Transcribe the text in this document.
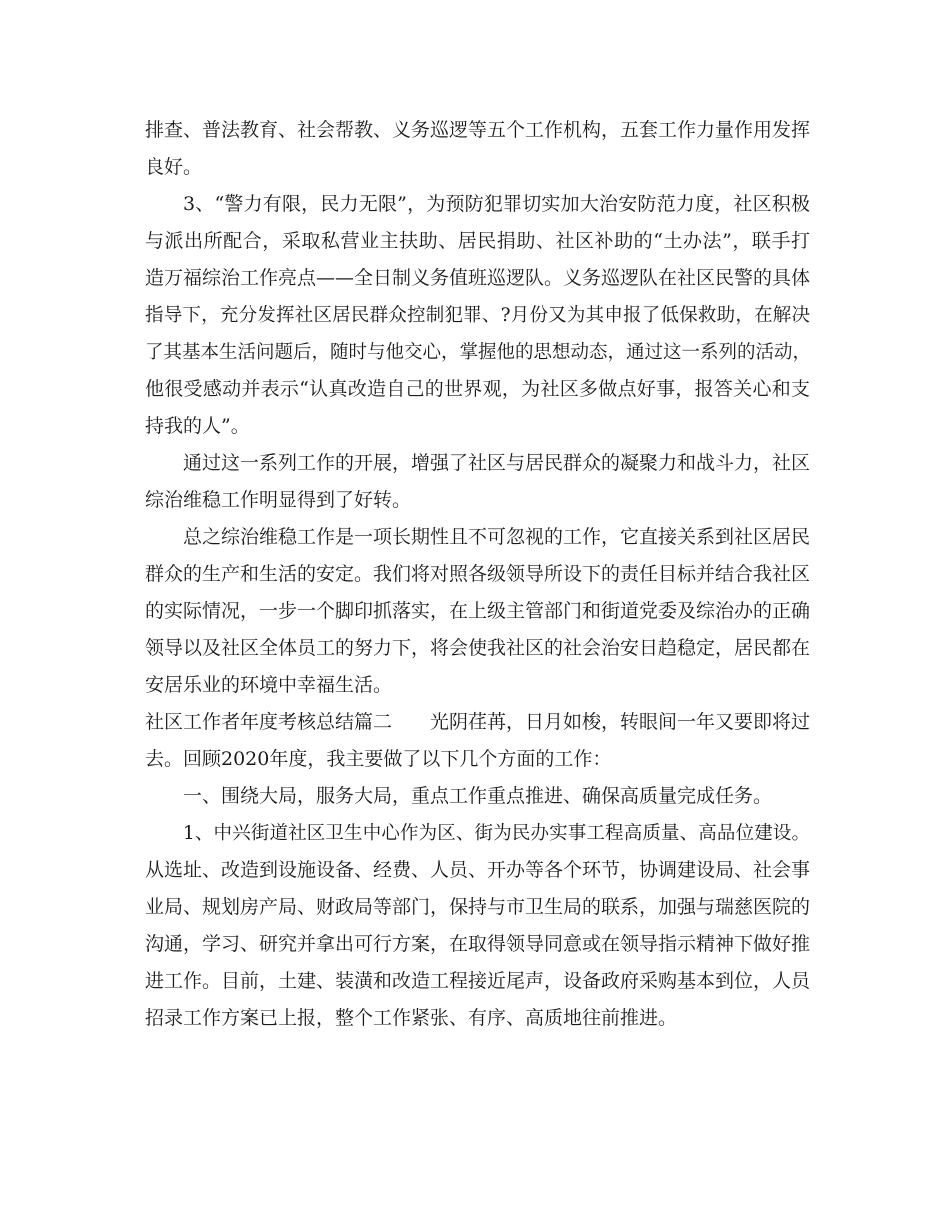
排查、普法教育、社会帮教、义务巡逻等五个工作机构，五套工作力量作用发挥
良好。
3、“警力有限，民力无限”，为预防犯罪切实加大治安防范力度，社区积极
与派出所配合，采取私营业主扶助、居民捐助、社区补助的“土办法”，联手打
造万福综治工作亮点——全日制义务值班巡逻队。义务巡逻队在社区民警的具体
指导下，充分发挥社区居民群众控制犯罪、?月份又为其申报了低保救助，在解决
了其基本生活问题后，随时与他交心，掌握他的思想动态，通过这一系列的活动，
他很受感动并表示“认真改造自己的世界观，为社区多做点好事，报答关心和支
持我的人”。
通过这一系列工作的开展，增强了社区与居民群众的凝聚力和战斗力，社区
综治维稳工作明显得到了好转。
总之综治维稳工作是一项长期性且不可忽视的工作，它直接关系到社区居民
群众的生产和生活的安定。我们将对照各级领导所设下的责任目标并结合我社区
的实际情况，一步一个脚印抓落实，在上级主管部门和街道党委及综治办的正确
领导以及社区全体员工的努力下，将会使我社区的社会治安日趋稳定，居民都在
安居乐业的环境中幸福生活。
社区工作者年度考核总结篇二　　光阴荏苒，日月如梭，转眼间一年又要即将过
去。回顾2020年度，我主要做了以下几个方面的工作：
一、围绕大局，服务大局，重点工作重点推进、确保高质量完成任务。
1、中兴街道社区卫生中心作为区、街为民办实事工程高质量、高品位建设。
从选址、改造到设施设备、经费、人员、开办等各个环节，协调建设局、社会事
业局、规划房产局、财政局等部门，保持与市卫生局的联系，加强与瑞慈医院的
沟通，学习、研究并拿出可行方案，在取得领导同意或在领导指示精神下做好推
进工作。目前，土建、装潢和改造工程接近尾声，设备政府采购基本到位，人员
招录工作方案已上报，整个工作紧张、有序、高质地往前推进。
